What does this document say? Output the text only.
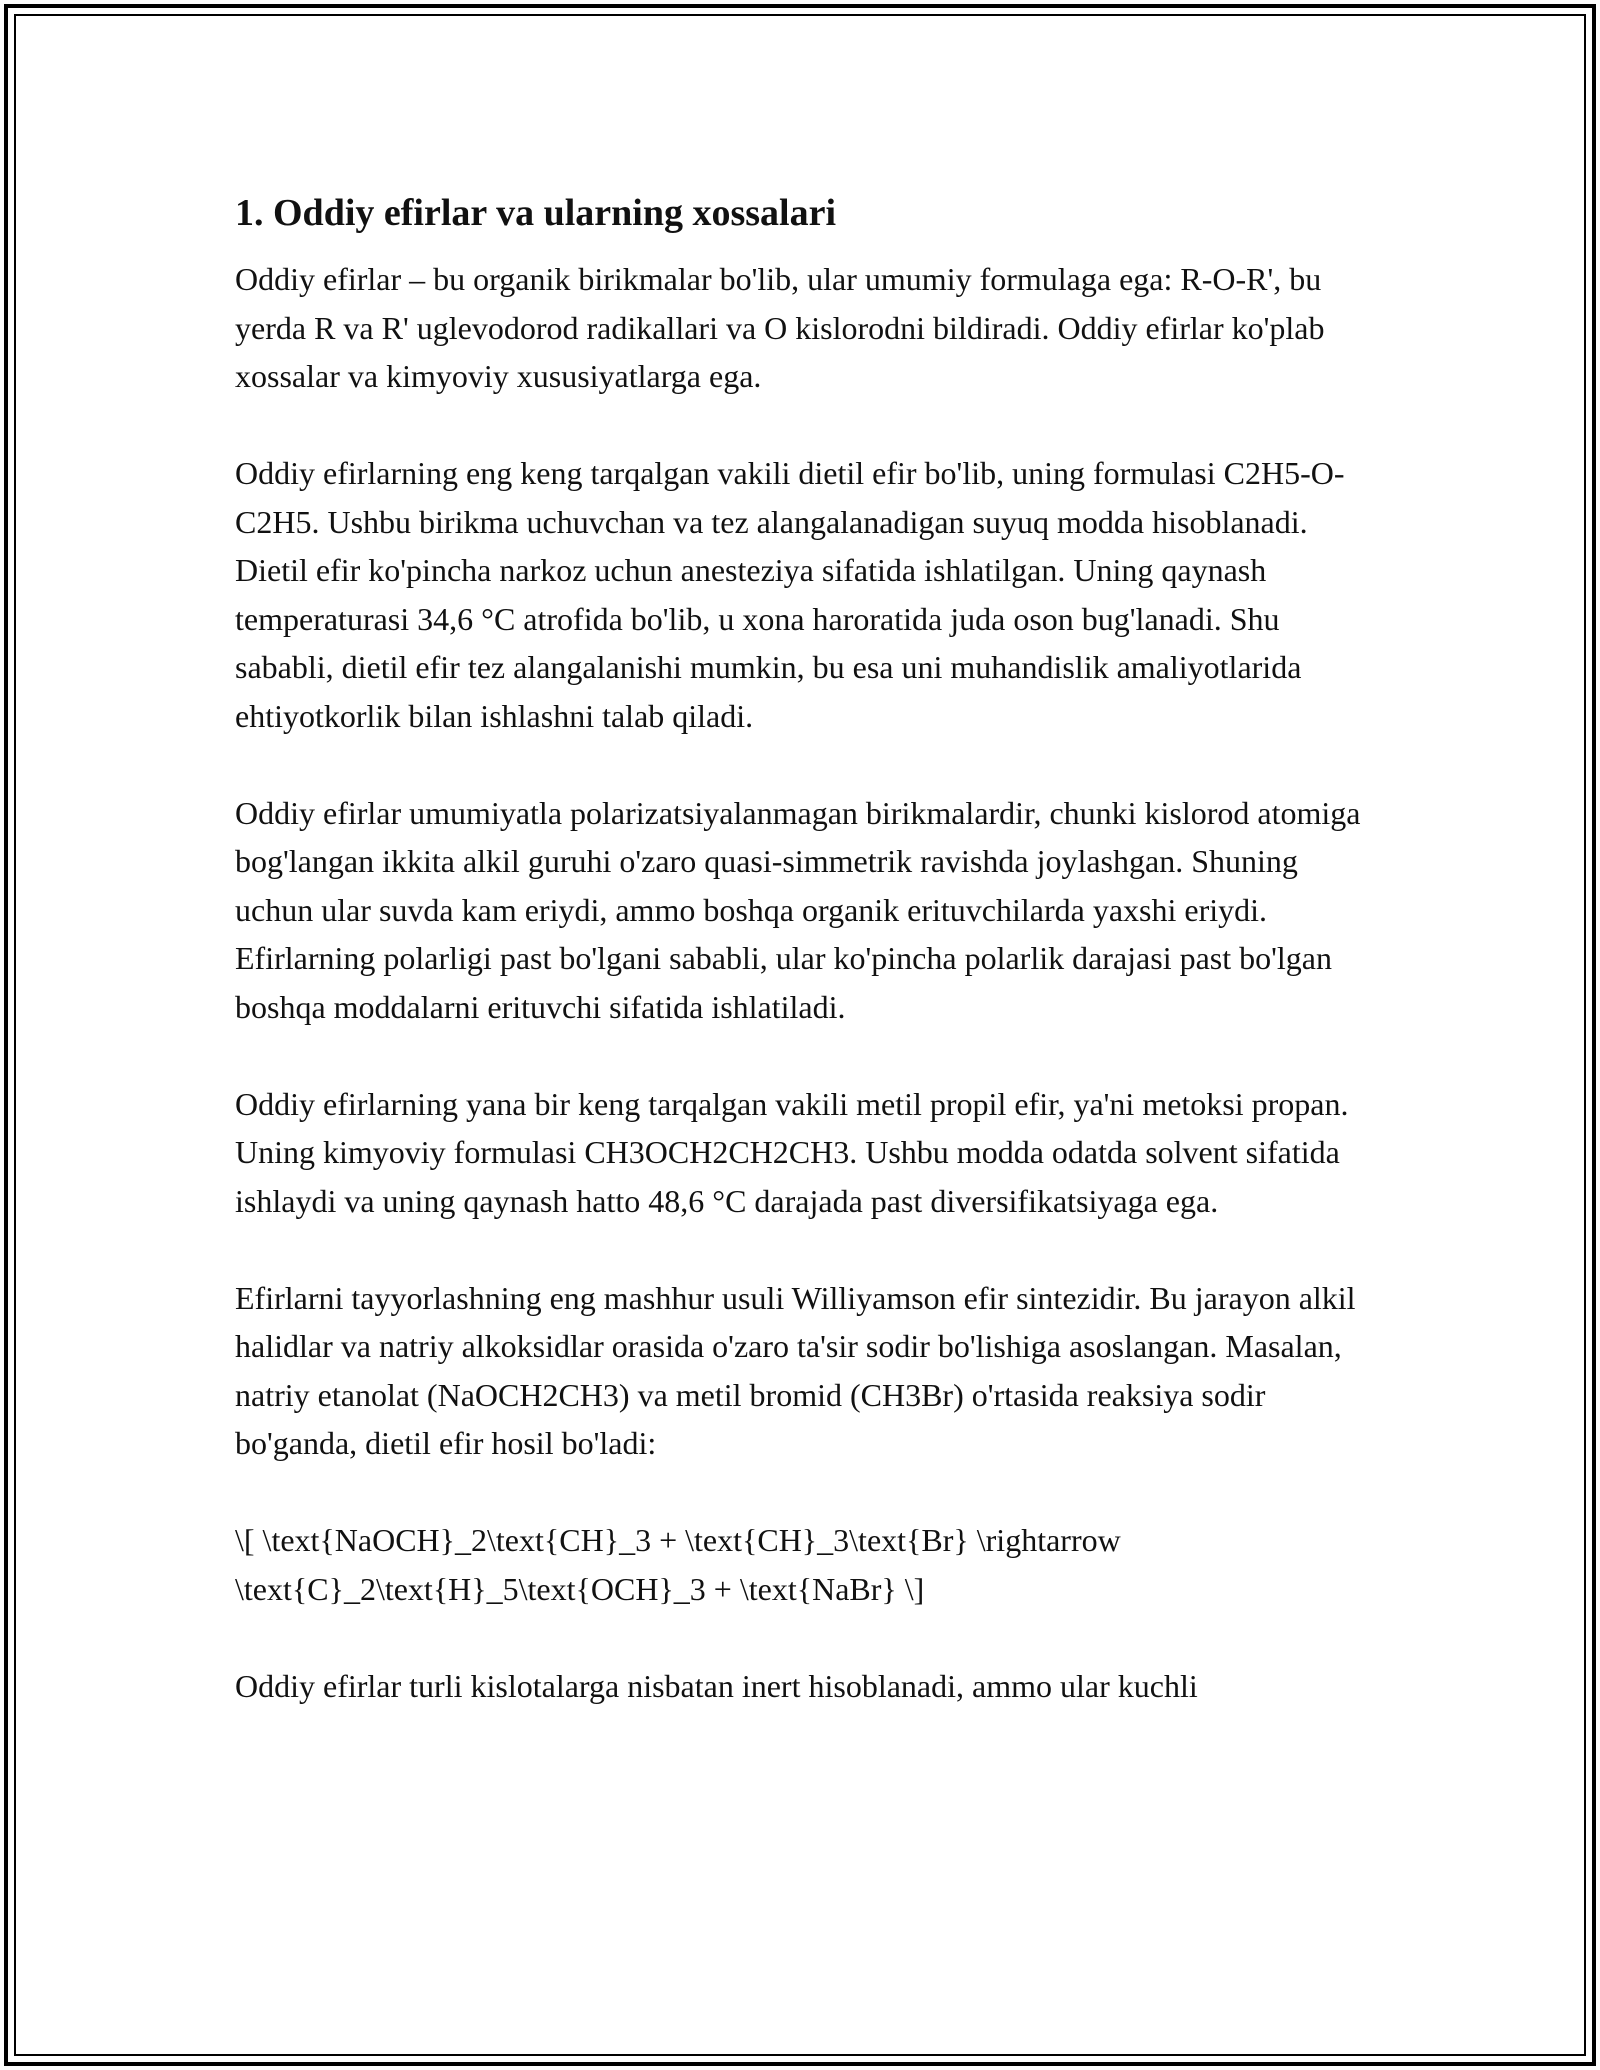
1. Oddiy efirlar va ularning xossalari

Oddiy efirlar – bu organik birikmalar bo'lib, ular umumiy formulaga ega: R-O-R', bu yerda R va R' uglevodorod radikallari va O kislorodni bildiradi. Oddiy efirlar ko'plab xossalar va kimyoviy xususiyatlarga ega.

Oddiy efirlarning eng keng tarqalgan vakili dietil efir bo'lib, uning formulasi C2H5-O-C2H5. Ushbu birikma uchuvchan va tez alangalanadigan suyuq modda hisoblanadi. Dietil efir ko'pincha narkoz uchun anesteziya sifatida ishlatilgan. Uning qaynash temperaturasi 34,6 °C atrofida bo'lib, u xona haroratida juda oson bug'lanadi. Shu sababli, dietil efir tez alangalanishi mumkin, bu esa uni muhandislik amaliyotlarida ehtiyotkorlik bilan ishlashni talab qiladi.

Oddiy efirlar umumiyatla polarizatsiyalanmagan birikmalardir, chunki kislorod atomiga bog'langan ikkita alkil guruhi o'zaro quasi-simmetrik ravishda joylashgan. Shuning uchun ular suvda kam eriydi, ammo boshqa organik erituvchilarda yaxshi eriydi. Efirlarning polarligi past bo'lgani sababli, ular ko'pincha polarlik darajasi past bo'lgan boshqa moddalarni erituvchi sifatida ishlatiladi.

Oddiy efirlarning yana bir keng tarqalgan vakili metil propil efir, ya'ni metoksi propan. Uning kimyoviy formulasi CH3OCH2CH2CH3. Ushbu modda odatda solvent sifatida ishlaydi va uning qaynash hatto 48,6 °C darajada past diversifikatsiyaga ega.

Efirlarni tayyorlashning eng mashhur usuli Williyamson efir sintezidir. Bu jarayon alkil halidlar va natriy alkoksidlar orasida o'zaro ta'sir sodir bo'lishiga asoslangan. Masalan, natriy etanolat (NaOCH2CH3) va metil bromid (CH3Br) o'rtasida reaksiya sodir bo'ganda, dietil efir hosil bo'ladi:

\[ \text{NaOCH}_2\text{CH}_3 + \text{CH}_3\text{Br} \rightarrow \text{C}_2\text{H}_5\text{OCH}_3 + \text{NaBr} \]

Oddiy efirlar turli kislotalarga nisbatan inert hisoblanadi, ammo ular kuchli
